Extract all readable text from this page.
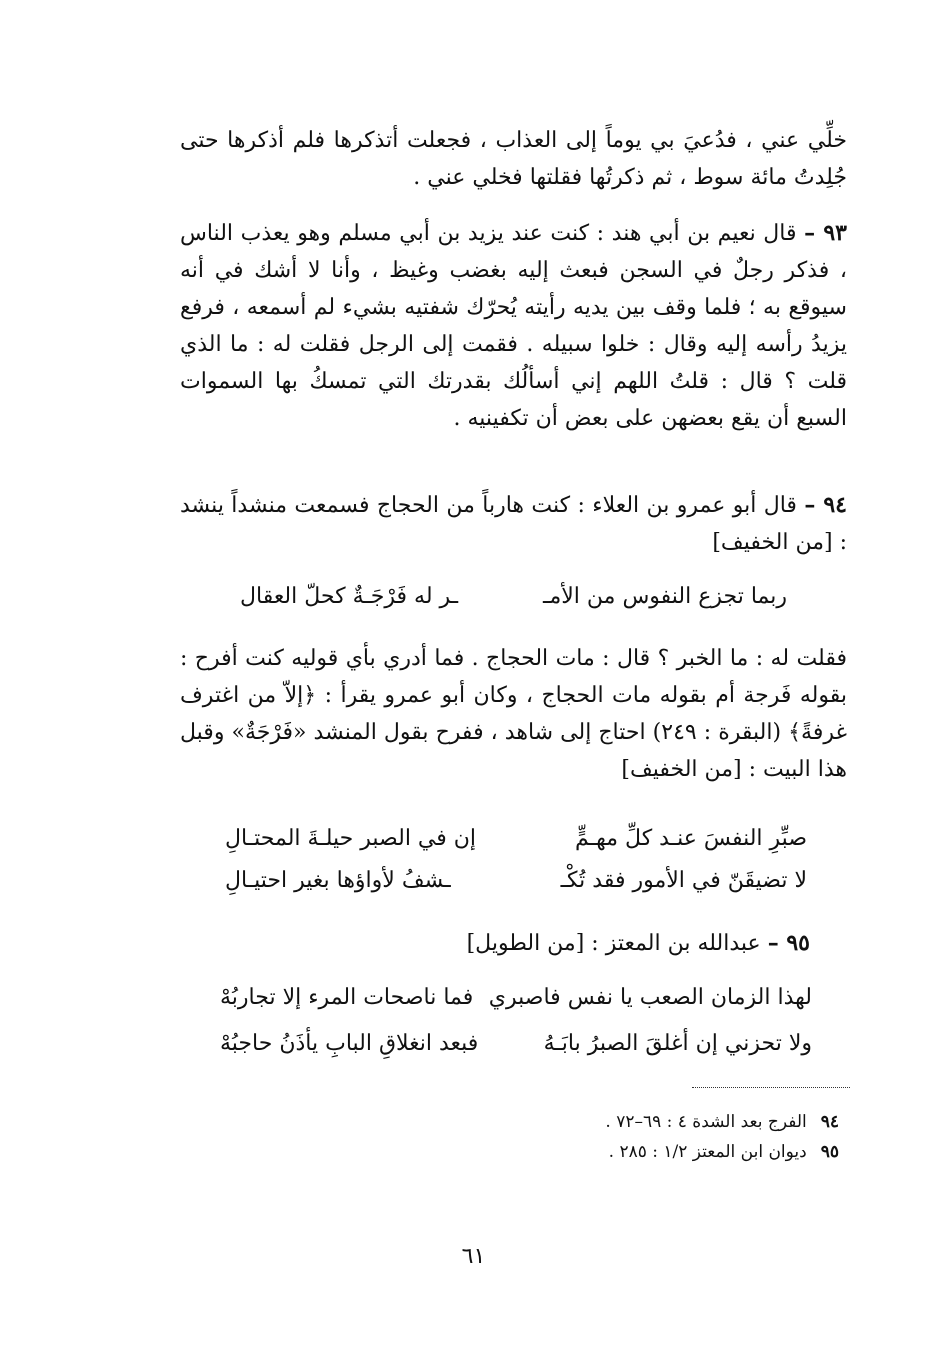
خلِّي عني ، فدُعيَ بي يوماً إلى العذاب ، فجعلت أتذكرها فلم أذكرها حتى جُلِدتُ مائة سوط ، ثم ذكرتُها فقلتها فخلي عني .

٩٣ – قال نعيم بن أبي هند : كنت عند يزيد بن أبي مسلم وهو يعذب الناس ، فذكر رجلٌ في السجن فبعث إليه بغضب وغيظ ، وأنا لا أشك في أنه سيوقع به ؛ فلما وقف بين يديه رأيته يُحرّك شفتيه بشيء لم أسمعه ، فرفع يزيدُ رأسه إليه وقال : خلوا سبيله . فقمت إلى الرجل فقلت له : ما الذي قلت ؟ قال : قلتُ اللهم إني أسألُك بقدرتك التي تمسكُ بها السموات السبع أن يقع بعضهن على بعض أن تكفينيه .

٩٤ – قال أبو عمرو بن العلاء : كنت هارباً من الحجاج فسمعت منشداً ينشد : [من الخفيف]

ربما تجزع النفوس من الأمـ
ـر له فَرْجَـةٌ كحلّ العقال

فقلت له : ما الخبر ؟ قال : مات الحجاج . فما أدري بأي قوليه كنت أفرح : بقوله فَرجة أم بقوله مات الحجاج ، وكان أبو عمرو يقرأ : ﴿إلاّ من اغترف غرفةً﴾ (البقرة : ٢٤٩) احتاج إلى شاهد ، ففرح بقول المنشد «فَرْجَةٌ» وقبل هذا البيت : [من الخفيف]

صبِّرِ النفسَ عنـد كلِّ مهـمٍّ
إن في الصبر حيلـةَ المحتـالِ
لا تضيقَنّ في الأمور فقد تُكْـ
ـشفُ لأواؤها بغير احتيـالِ

٩٥ – عبدالله بن المعتز : [من الطويل]

لهذا الزمان الصعب يا نفس فاصبري
فما ناصحات المرء إلا تجاربُهْ
ولا تحزني إن أغلقَ الصبرُ بابَـهُ
فبعد انغلاقِ البابِ يأذَنُ حاجبُهْ
٩٤الفرج بعد الشدة ٤ : ٦٩–٧٢ .
٩٥ديوان ابن المعتز ١/٢ : ٢٨٥ .
٦١
